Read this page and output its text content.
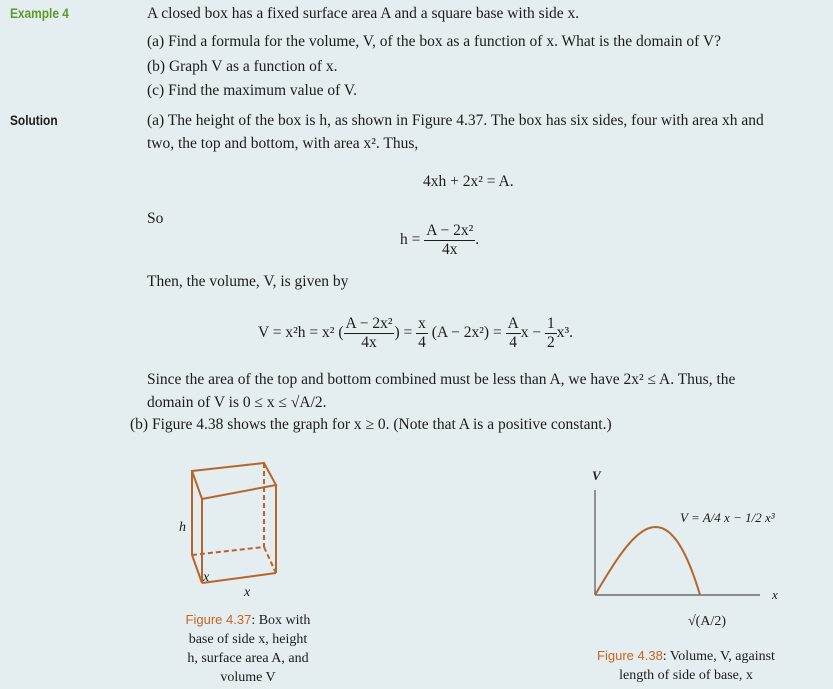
Example 4	A closed box has a fixed surface area A and a square base with side x.
(a) Find a formula for the volume, V, of the box as a function of x. What is the domain of V?
(b) Graph V as a function of x.
(c) Find the maximum value of V.
Solution	(a) The height of the box is h, as shown in Figure 4.37. The box has six sides, four with area xh and
two, the top and bottom, with area x². Thus,
4xh + 2x² = A.
So
$h = \frac{\text{A − 2x²}}{4x}$ .
Then, the volume, V, is given by
V = x²h = x² ( $\frac{\text{A − 2x²}}{4x}$ ) = $\frac{x}{4} (A - 2x^2) = \frac{A}{4}$ $x - \frac{1}{2} x^3$.
Since the area of the top and bottom combined must be less than A, we have 2x² ≤ A. Thus, the
domain of V is 0 ≤ x ≤ √A/2.
(b) Figure 4.38 shows the graph for x ≥ 0. (Note that A is a positive constant.)
h
x
x
Figure 4.37: Box with
base of side x, height
h, surface area A, and
volume V
V
x
V = A/4 x − 1/2 x³
√(A/2)
Figure 4.38: Volume, V, against
length of side of base, x
